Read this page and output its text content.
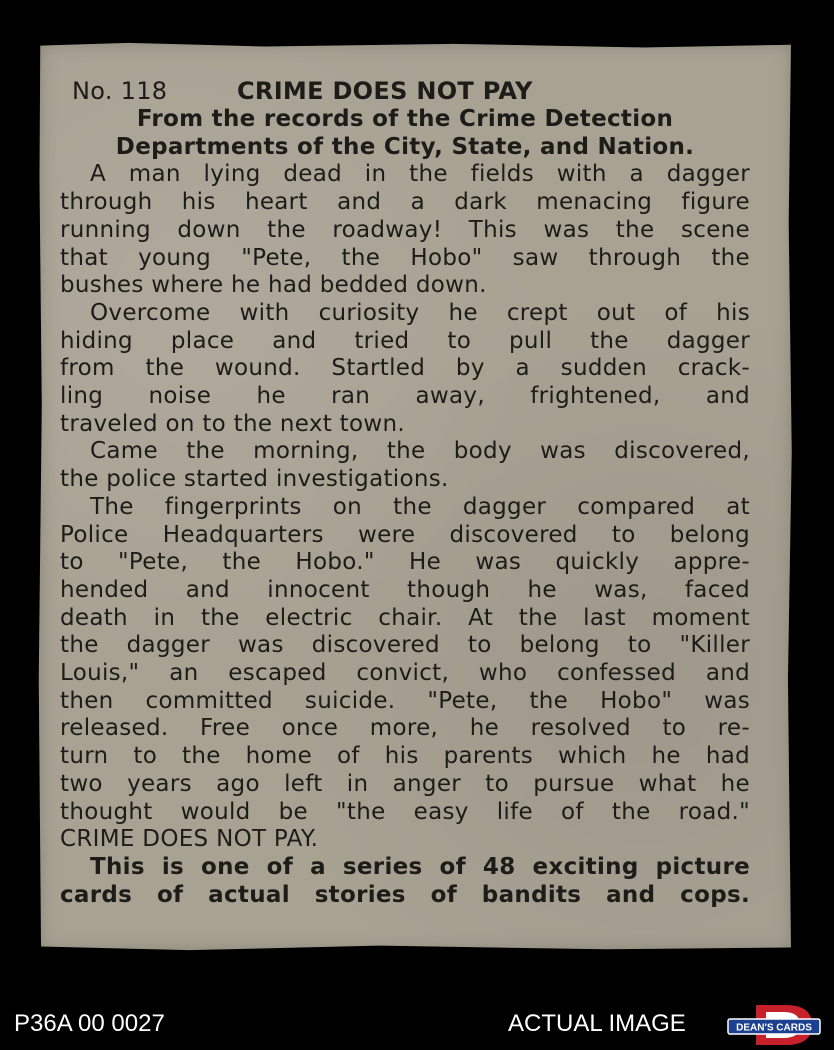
No. 118	CRIME DOES NOT PAY
From the records of the Crime Detection
Departments of the City, State, and Nation.
A man lying dead in the fields with a dagger
through his heart and a dark menacing figure
running down the roadway! This was the scene
that young "Pete, the Hobo" saw through the
bushes where he had bedded down.
Overcome with curiosity he crept out of his
hiding place and tried to pull the dagger
from the wound. Startled by a sudden crack-
ling noise he ran away, frightened, and
traveled on to the next town.
Came the morning, the body was discovered,
the police started investigations.
The fingerprints on the dagger compared at
Police Headquarters were discovered to belong
to "Pete, the Hobo." He was quickly appre-
hended and innocent though he was, faced
death in the electric chair. At the last moment
the dagger was discovered to belong to "Killer
Louis," an escaped convict, who confessed and
then committed suicide. "Pete, the Hobo" was
released. Free once more, he resolved to re-
turn to the home of his parents which he had
two years ago left in anger to pursue what he
thought would be "the easy life of the road."
CRIME DOES NOT PAY.
This is one of a series of 48 exciting picture
cards of actual stories of bandits and cops.
P36A 00 0027	ACTUAL IMAGE	DEAN'S CARDS
